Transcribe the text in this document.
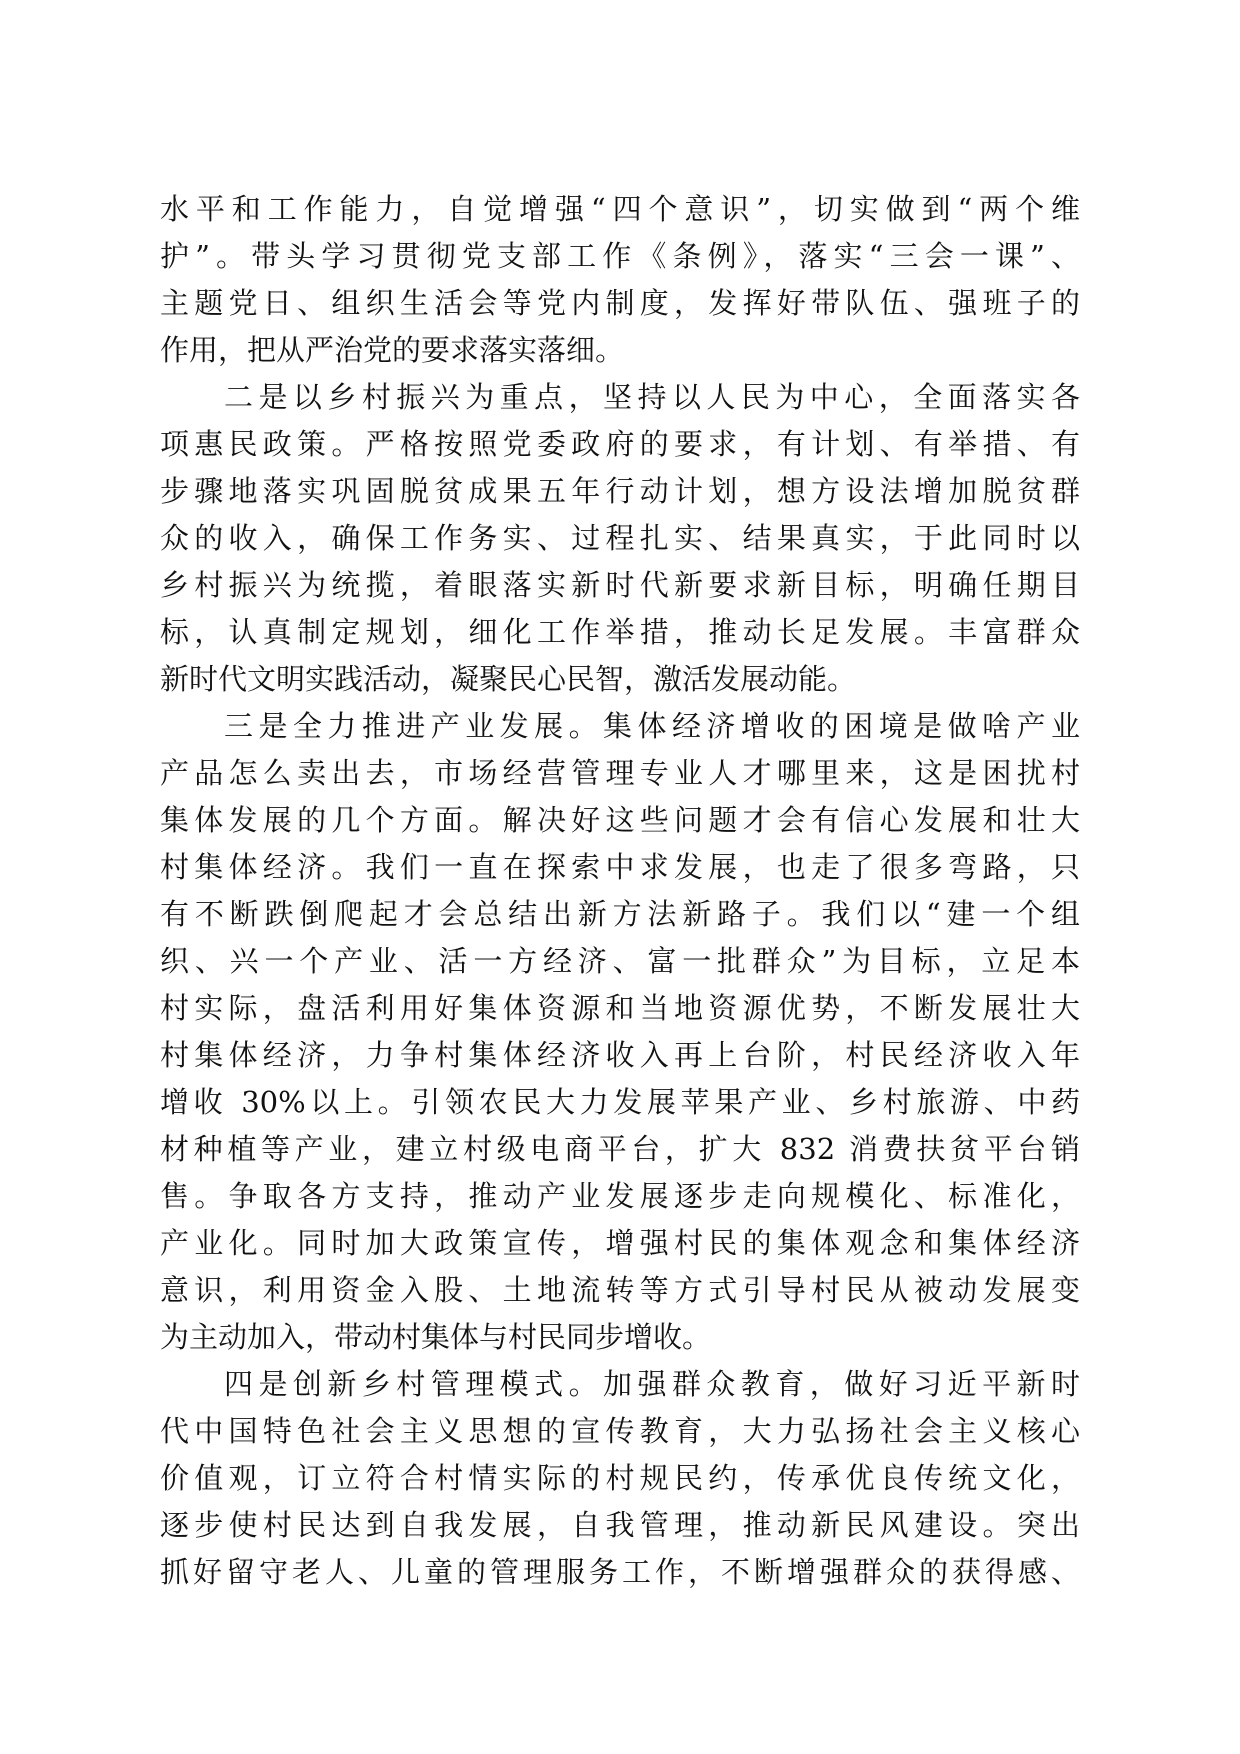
水平和工作能力，自觉增强“四个意识”，切实做到“两个维
护”。带头学习贯彻党支部工作《条例》，落实“三会一课”、
主题党日、组织生活会等党内制度，发挥好带队伍、强班子的
作用，把从严治党的要求落实落细。
二是以乡村振兴为重点，坚持以人民为中心，全面落实各
项惠民政策。严格按照党委政府的要求，有计划、有举措、有
步骤地落实巩固脱贫成果五年行动计划，想方设法增加脱贫群
众的收入，确保工作务实、过程扎实、结果真实，于此同时以
乡村振兴为统揽，着眼落实新时代新要求新目标，明确任期目
标，认真制定规划，细化工作举措，推动长足发展。丰富群众
新时代文明实践活动，凝聚民心民智，激活发展动能。
三是全力推进产业发展。集体经济增收的困境是做啥产业
产品怎么卖出去，市场经营管理专业人才哪里来，这是困扰村
集体发展的几个方面。解决好这些问题才会有信心发展和壮大
村集体经济。我们一直在探索中求发展，也走了很多弯路，只
有不断跌倒爬起才会总结出新方法新路子。我们以“建一个组
织、兴一个产业、活一方经济、富一批群众”为目标，立足本
村实际，盘活利用好集体资源和当地资源优势，不断发展壮大
村集体经济，力争村集体经济收入再上台阶，村民经济收入年
增收 30%以上。引领农民大力发展苹果产业、乡村旅游、中药
材种植等产业，建立村级电商平台，扩大 832 消费扶贫平台销
售。争取各方支持，推动产业发展逐步走向规模化、标准化，
产业化。同时加大政策宣传，增强村民的集体观念和集体经济
意识，利用资金入股、土地流转等方式引导村民从被动发展变
为主动加入，带动村集体与村民同步增收。
四是创新乡村管理模式。加强群众教育，做好习近平新时
代中国特色社会主义思想的宣传教育，大力弘扬社会主义核心
价值观，订立符合村情实际的村规民约，传承优良传统文化，
逐步使村民达到自我发展，自我管理，推动新民风建设。突出
抓好留守老人、儿童的管理服务工作，不断增强群众的获得感、
